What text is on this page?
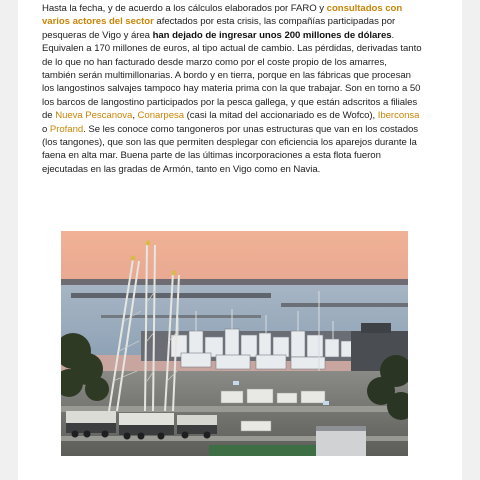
Hasta la fecha, y de acuerdo a los cálculos elaborados por FARO y consultados con varios actores del sector afectados por esta crisis, las compañías participadas por pesqueras de Vigo y área han dejado de ingresar unos 200 millones de dólares. Equivalen a 170 millones de euros, al tipo actual de cambio. Las pérdidas, derivadas tanto de lo que no han facturado desde marzo como por el coste propio de los amarres, también serán multimillonarias. A bordo y en tierra, porque en las fábricas que procesan los langostinos salvajes tampoco hay materia prima con la que trabajar. Son en torno a 50 los barcos de langostino participados por la pesca gallega, y que están adscritos a filiales de Nueva Pescanova, Conarpesa (casi la mitad del accionariado es de Wofco), Iberconsa o Profand. Se les conoce como tangoneros por unas estructuras que van en los costados (los tangones), que son las que permiten desplegar con eficiencia los aparejos durante la faena en alta mar. Buena parte de las últimas incorporaciones a esta flota fueron ejecutadas en las gradas de Armón, tanto en Vigo como en Navia.
